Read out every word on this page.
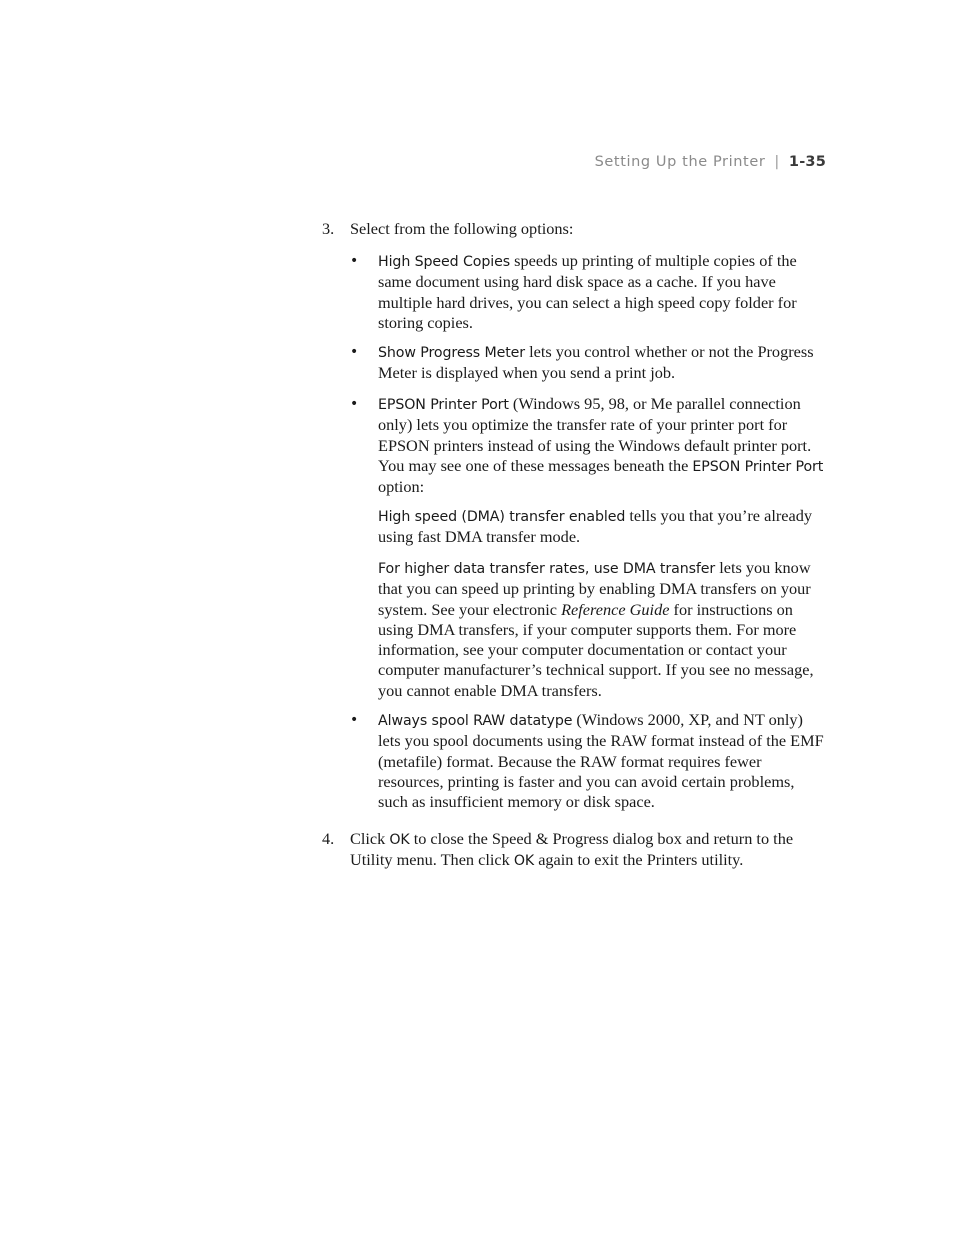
Setting Up the Printer | 1-35
3. Select from the following options:
• High Speed Copies speeds up printing of multiple copies of the same document using hard disk space as a cache. If you have multiple hard drives, you can select a high speed copy folder for storing copies.
• Show Progress Meter lets you control whether or not the Progress Meter is displayed when you send a print job.
• EPSON Printer Port (Windows 95, 98, or Me parallel connection only) lets you optimize the transfer rate of your printer port for EPSON printers instead of using the Windows default printer port. You may see one of these messages beneath the EPSON Printer Port option:
High speed (DMA) transfer enabled tells you that you’re already using fast DMA transfer mode.
For higher data transfer rates, use DMA transfer lets you know that you can speed up printing by enabling DMA transfers on your system. See your electronic Reference Guide for instructions on using DMA transfers, if your computer supports them. For more information, see your computer documentation or contact your computer manufacturer’s technical support. If you see no message, you cannot enable DMA transfers.
• Always spool RAW datatype (Windows 2000, XP, and NT only) lets you spool documents using the RAW format instead of the EMF (metafile) format. Because the RAW format requires fewer resources, printing is faster and you can avoid certain problems, such as insufficient memory or disk space.
4. Click OK to close the Speed & Progress dialog box and return to the Utility menu. Then click OK again to exit the Printers utility.
